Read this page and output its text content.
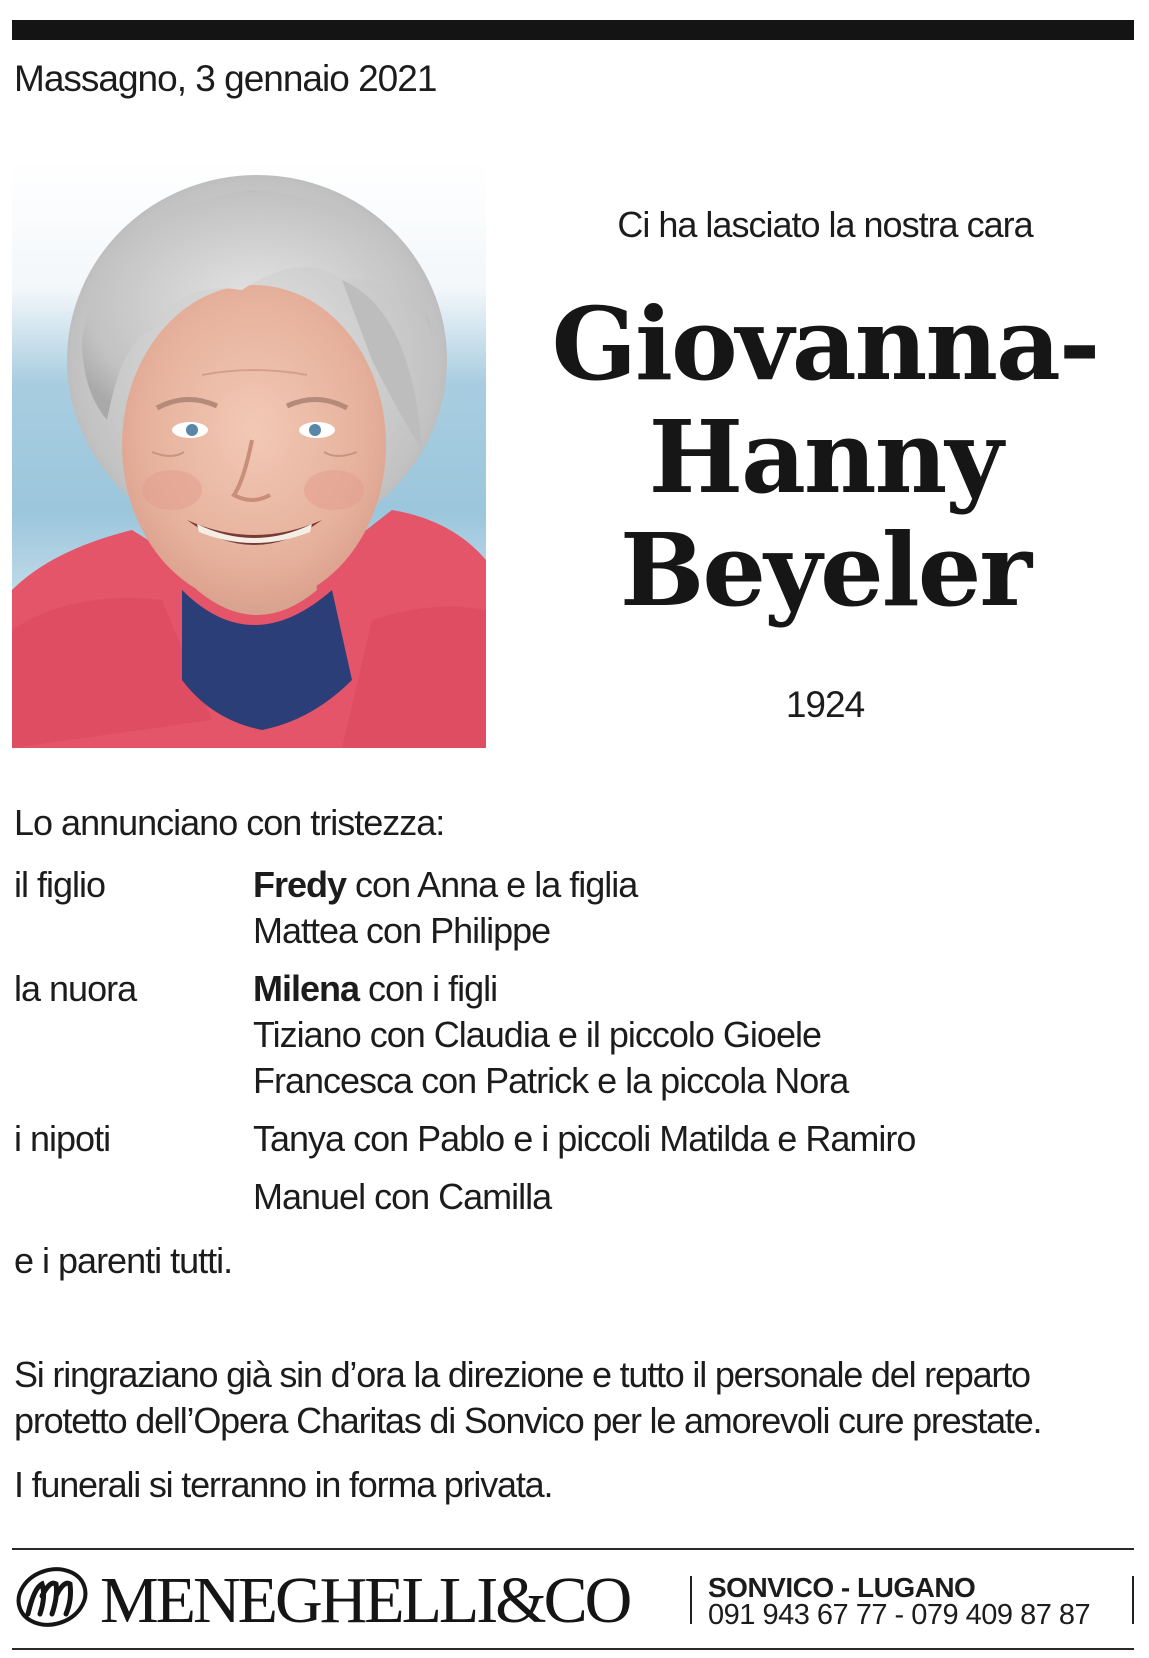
Massagno, 3 gennaio 2021
Ci ha lasciato la nostra cara
Giovanna-
Hanny
Beyeler
1924
Lo annunciano con tristezza:
il figlio	Fredy con Anna e la figlia
Mattea con Philippe
la nuora	Milena con i figli
Tiziano con Claudia e il piccolo Gioele
Francesca con Patrick e la piccola Nora
i nipoti	Tanya con Pablo e i piccoli Matilda e Ramiro
Manuel con Camilla
e i parenti tutti.
Si ringraziano già sin d’ora la direzione e tutto il personale del reparto protetto dell’Opera Charitas di Sonvico per le amorevoli cure prestate.
I funerali si terranno in forma privata.
MENEGHELLI&CO	SONVICO - LUGANO
091 943 67 77 - 079 409 87 87
